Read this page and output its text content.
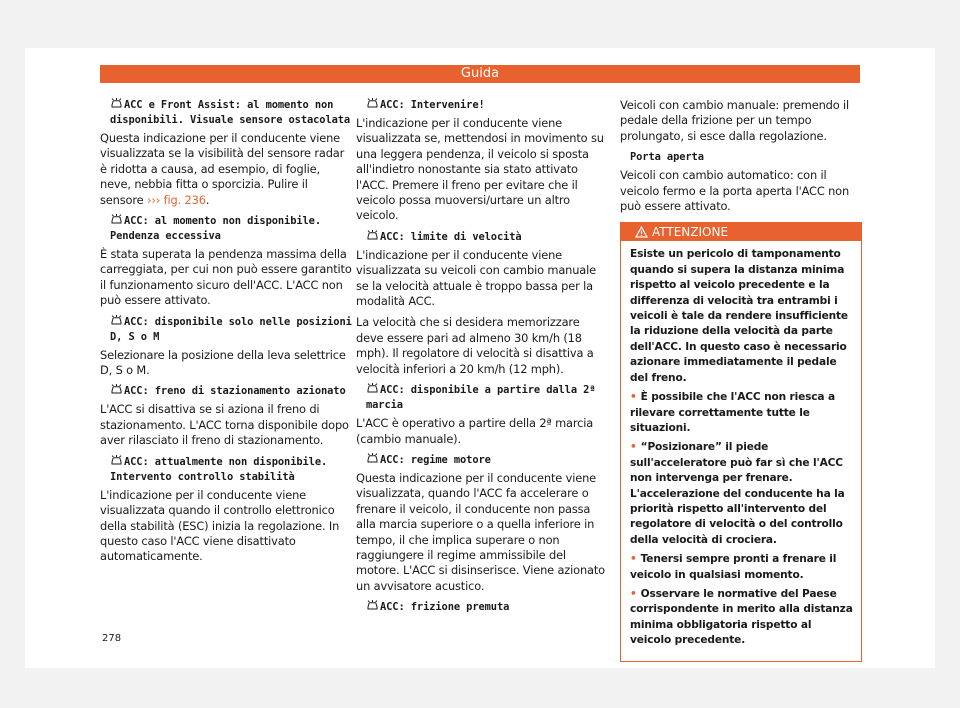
Guida
ACC e Front Assist: al momento non disponibili. Visuale sensore ostacolata

Questa indicazione per il conducente viene visualizzata se la visibilità del sensore radar è ridotta a causa, ad esempio, di foglie, neve, nebbia fitta o sporcizia. Pulire il sensore ››› fig. 236.

ACC: al momento non disponibile. Pendenza eccessiva

È stata superata la pendenza massima della carreggiata, per cui non può essere garantito il funzionamento sicuro dell'ACC. L'ACC non può essere attivato.

ACC: disponibile solo nelle posizioni D, S o M

Selezionare la posizione della leva selettrice D, S o M.

ACC: freno di stazionamento azionato

L'ACC si disattiva se si aziona il freno di stazionamento. L'ACC torna disponibile dopo aver rilasciato il freno di stazionamento.

ACC: attualmente non disponibile. Intervento controllo stabilità

L'indicazione per il conducente viene visualizzata quando il controllo elettronico della stabilità (ESC) inizia la regolazione. In questo caso l'ACC viene disattivato automaticamente.

ACC: Intervenire!

L'indicazione per il conducente viene visualizzata se, mettendosi in movimento su una leggera pendenza, il veicolo si sposta all'indietro nonostante sia stato attivato l'ACC. Premere il freno per evitare che il veicolo possa muoversi/urtare un altro veicolo.

ACC: limite di velocità

L'indicazione per il conducente viene visualizzata su veicoli con cambio manuale se la velocità attuale è troppo bassa per la modalità ACC.

La velocità che si desidera memorizzare deve essere pari ad almeno 30 km/h (18 mph). Il regolatore di velocità si disattiva a velocità inferiori a 20 km/h (12 mph).

ACC: disponibile a partire dalla 2ª marcia

L'ACC è operativo a partire della 2ª marcia (cambio manuale).

ACC: regime motore

Questa indicazione per il conducente viene visualizzata, quando l'ACC fa accelerare o frenare il veicolo, il conducente non passa alla marcia superiore o a quella inferiore in tempo, il che implica superare o non raggiungere il regime ammissibile del motore. L'ACC si disinserisce. Viene azionato un avvisatore acustico.

ACC: frizione premuta

Veicoli con cambio manuale: premendo il pedale della frizione per un tempo prolungato, si esce dalla regolazione.

Porta aperta

Veicoli con cambio automatico: con il veicolo fermo e la porta aperta l'ACC non può essere attivato.

ATTENZIONE

Esiste un pericolo di tamponamento quando si supera la distanza minima rispetto al veicolo precedente e la differenza di velocità tra entrambi i veicoli è tale da rendere insufficiente la riduzione della velocità da parte dell'ACC. In questo caso è necessario azionare immediatamente il pedale del freno.

• È possibile che l'ACC non riesca a rilevare correttamente tutte le situazioni.

• “Posizionare” il piede sull'acceleratore può far sì che l'ACC non intervenga per frenare. L'accelerazione del conducente ha la priorità rispetto all'intervento del regolatore di velocità o del controllo della velocità di crociera.

• Tenersi sempre pronti a frenare il veicolo in qualsiasi momento.

• Osservare le normative del Paese corrispondente in merito alla distanza minima obbligatoria rispetto al veicolo precedente.

278
